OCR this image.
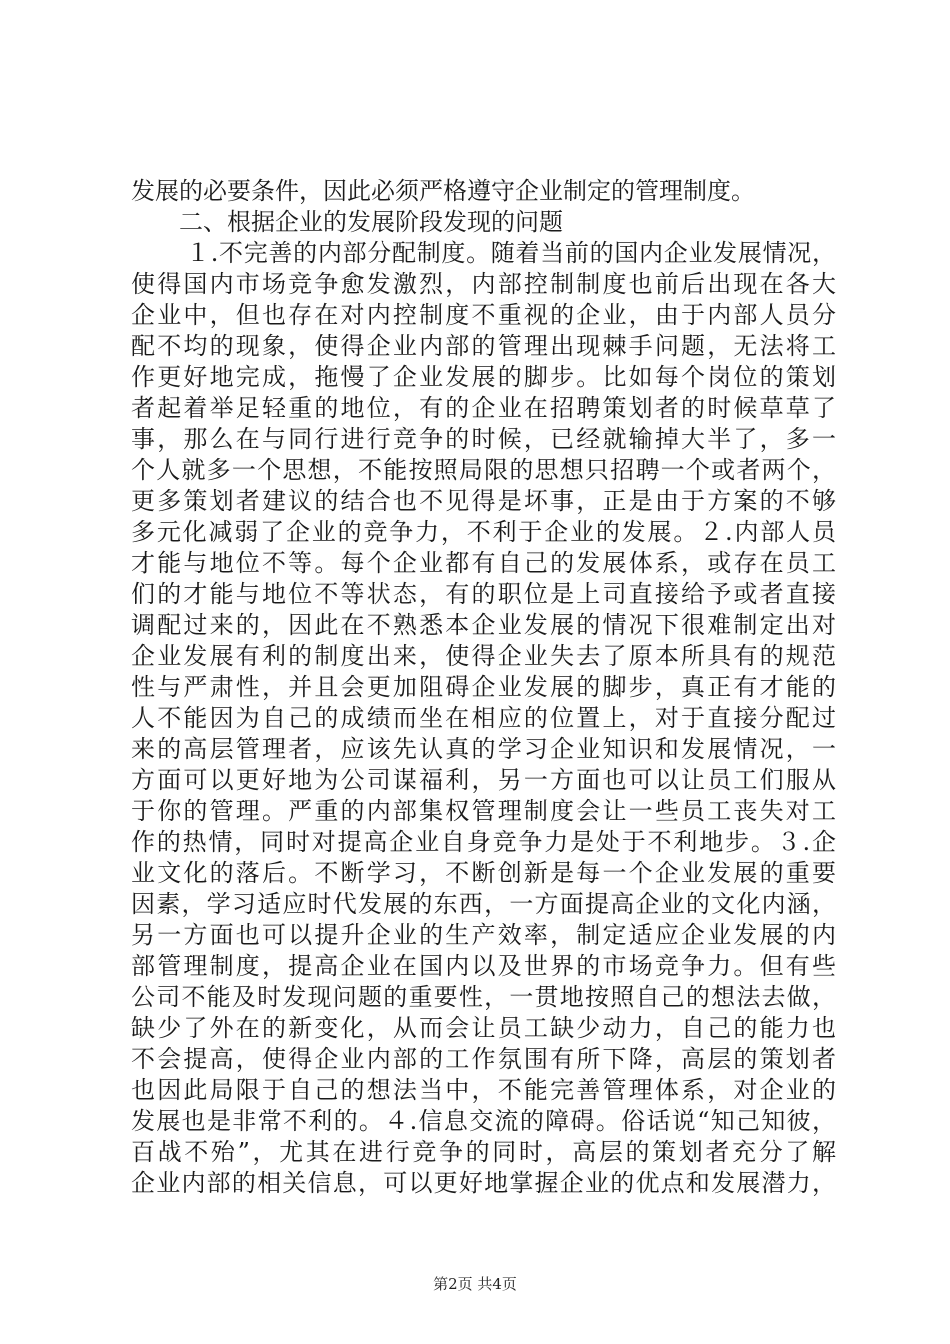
发展的必要条件，因此必须严格遵守企业制定的管理制度。
二、根据企业的发展阶段发现的问题
１.不完善的内部分配制度。随着当前的国内企业发展情况，
使得国内市场竞争愈发激烈，内部控制制度也前后出现在各大
企业中，但也存在对内控制度不重视的企业，由于内部人员分
配不均的现象，使得企业内部的管理出现棘手问题，无法将工
作更好地完成，拖慢了企业发展的脚步。比如每个岗位的策划
者起着举足轻重的地位，有的企业在招聘策划者的时候草草了
事，那么在与同行进行竞争的时候，已经就输掉大半了，多一
个人就多一个思想，不能按照局限的思想只招聘一个或者两个，
更多策划者建议的结合也不见得是坏事，正是由于方案的不够
多元化减弱了企业的竞争力，不利于企业的发展。２.内部人员
才能与地位不等。每个企业都有自己的发展体系，或存在员工
们的才能与地位不等状态，有的职位是上司直接给予或者直接
调配过来的，因此在不熟悉本企业发展的情况下很难制定出对
企业发展有利的制度出来，使得企业失去了原本所具有的规范
性与严肃性，并且会更加阻碍企业发展的脚步，真正有才能的
人不能因为自己的成绩而坐在相应的位置上，对于直接分配过
来的高层管理者，应该先认真的学习企业知识和发展情况，一
方面可以更好地为公司谋福利，另一方面也可以让员工们服从
于你的管理。严重的内部集权管理制度会让一些员工丧失对工
作的热情，同时对提高企业自身竞争力是处于不利地步。３.企
业文化的落后。不断学习，不断创新是每一个企业发展的重要
因素，学习适应时代发展的东西，一方面提高企业的文化内涵，
另一方面也可以提升企业的生产效率，制定适应企业发展的内
部管理制度，提高企业在国内以及世界的市场竞争力。但有些
公司不能及时发现问题的重要性，一贯地按照自己的想法去做，
缺少了外在的新变化，从而会让员工缺少动力，自己的能力也
不会提高，使得企业内部的工作氛围有所下降，高层的策划者
也因此局限于自己的想法当中，不能完善管理体系，对企业的
发展也是非常不利的。４.信息交流的障碍。俗话说“知己知彼，
百战不殆”，尤其在进行竞争的同时，高层的策划者充分了解
企业内部的相关信息，可以更好地掌握企业的优点和发展潜力，
第2页 共4页
